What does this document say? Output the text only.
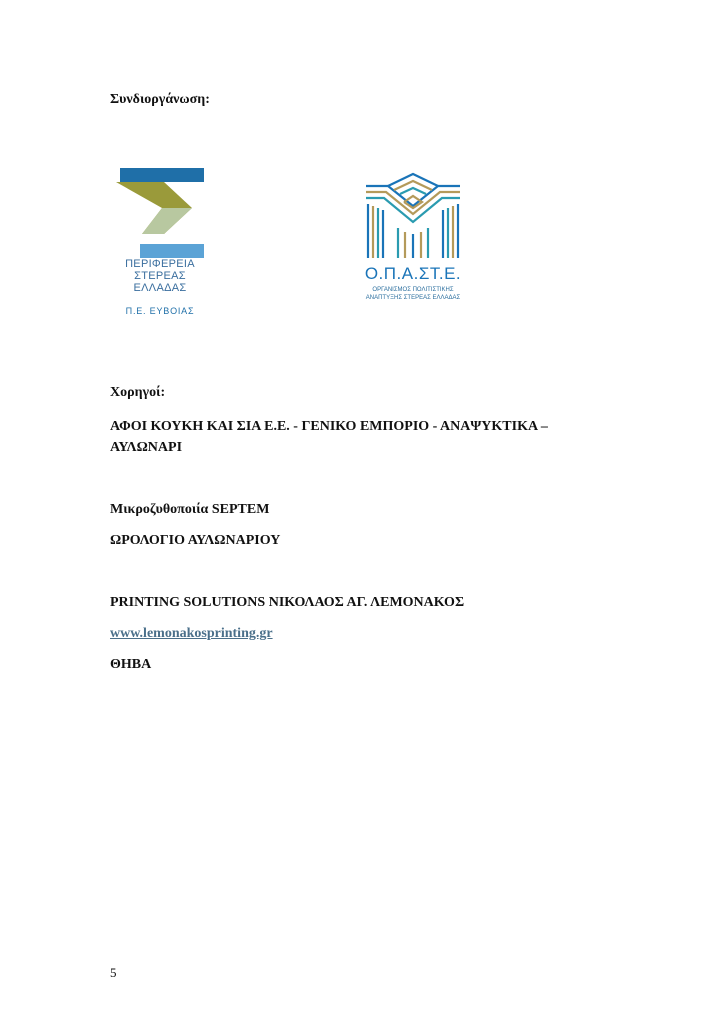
Συνδιοργάνωση:
ΠΕΡΙΦΕΡΕΙΑ
ΣΤΕΡΕΑΣ
ΕΛΛΑΔΑΣ
Π.Ε. ΕΥΒΟΙΑΣ
Ο.Π.Α.ΣΤ.Ε.
ΟΡΓΑΝΙΣΜΟΣ ΠΟΛΙΤΙΣΤΙΚΗΣ
ΑΝΑΠΤΥΞΗΣ ΣΤΕΡΕΑΣ ΕΛΛΑΔΑΣ
Χορηγοί:
ΑΦΟΙ ΚΟΥΚΗ ΚΑΙ ΣΙΑ Ε.Ε. - ΓΕΝΙΚΟ ΕΜΠΟΡΙΟ - ΑΝΑΨΥΚΤΙΚΑ –
ΑΥΛΩΝΑΡΙ
Μικροζυθοποιία SEPTEM
ΩΡΟΛΟΓΙΟ ΑΥΛΩΝΑΡΙΟΥ
PRINTING SOLUTIONS ΝΙΚΟΛΑΟΣ ΑΓ. ΛΕΜΟΝΑΚΟΣ
www.lemonakosprinting.gr
ΘΗΒΑ
5
